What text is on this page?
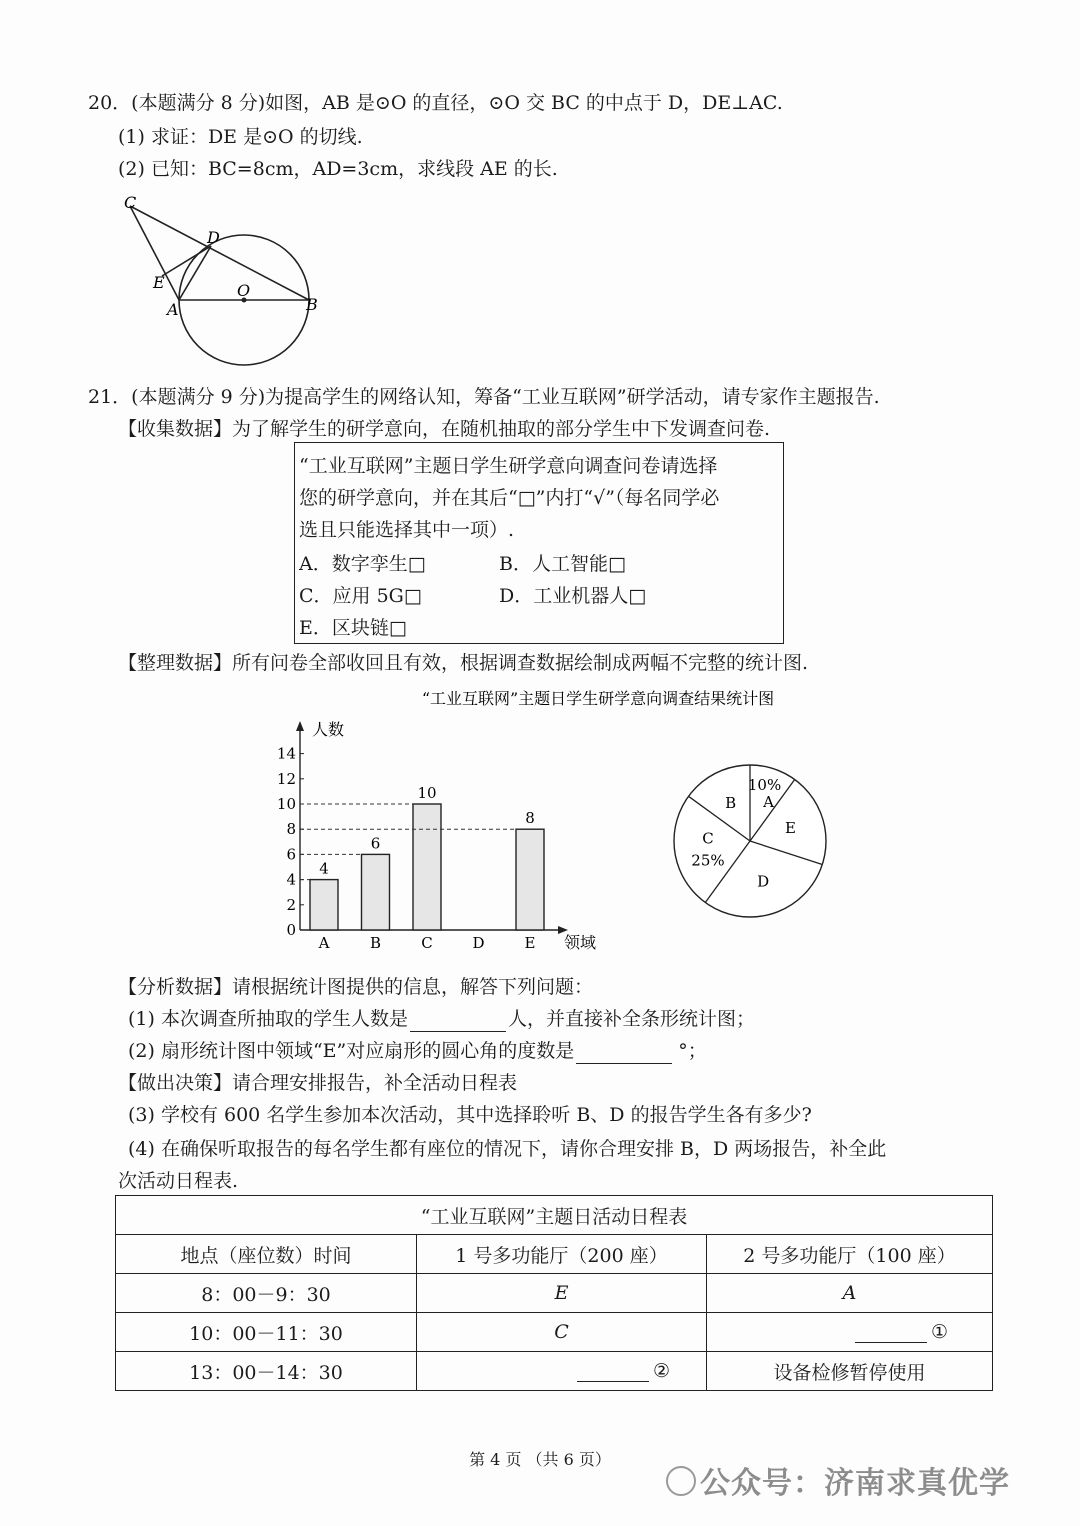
20．(本题满分 8 分)如图，AB 是⊙O 的直径，⊙O 交 BC 的中点于 D，DE⊥AC.
(1) 求证：DE 是⊙O 的切线.
(2) 已知：BC=8cm，AD=3cm，求线段 AE 的长.
C
D
E
A
O
B
21．(本题满分 9 分)为提高学生的网络认知，筹备“工业互联网”研学活动，请专家作主题报告.
【收集数据】为了解学生的研学意向，在随机抽取的部分学生中下发调查问卷.
“工业互联网”主题日学生研学意向调查问卷请选择
您的研学意向，并在其后“□”内打“√”（每名同学必
选且只能选择其中一项）.
A．数字孪生□	B．人工智能□
C．应用 5G□	D．工业机器人□
E．区块链□
【整理数据】所有问卷全部收回且有效，根据调查数据绘制成两幅不完整的统计图.
“工业互联网”主题日学生研学意向调查结果统计图
人数
领域
0
2
4
6
8
10
12
14
A
4
B
6
C
10
D	E
8
10%
A
E
D
C
25%
B
【分析数据】请根据统计图提供的信息，解答下列问题：
(1) 本次调查所抽取的学生人数是	人，并直接补全条形统计图；
(2) 扇形统计图中领域“E”对应扇形的圆心角的度数是	°；
【做出决策】请合理安排报告，补全活动日程表
(3) 学校有 600 名学生参加本次活动，其中选择聆听 B、D 的报告学生各有多少?
(4) 在确保听取报告的每名学生都有座位的情况下，请你合理安排 B，D 两场报告，补全此
次活动日程表.
“工业互联网”主题日活动日程表		
地点（座位数）时间	1 号多功能厅（200 座）	2 号多功能厅（100 座）
8：00－9：30	E	A
10：00－11：30	C	①
13：00－14：30	②	设备检修暂停使用
第 4 页 （共 6 页）
公众号：济南求真优学
